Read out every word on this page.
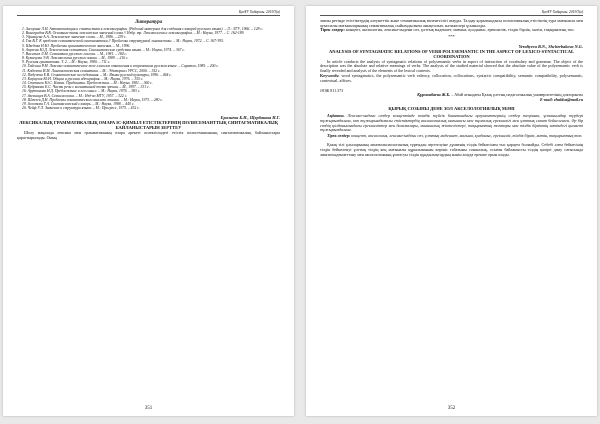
ҚазҰУ Хабаршы. 2019/3(в)
Литература
1. Засорина Л.Н. Автоматизация и статистика в лексикографии. (Рабочий материал для создания словарей русского языка). – Л.: ЛГУ, 1966. – 128 с.
2. Виноградов В.В. Основные типы лексических значений слова // Избр. тр. Лексикология и лексикография. – М.: Наука, 1977. – С. 162-189.
3. Уфимцева А.А. Лексическое значение слова. – М., 1986. – 239 с.
4. Гак В.Г. К проблеме семантической синтагматики // Проблемы структурной лингвистики. – М.: Наука, 1972. – С. 367-395.
5. Шведова Н.Ю. Проблемы грамматического значения. – М., 1996.
6. Апресян Ю.Д. Лексическая семантика. Синонимические средства языка. – М.: Наука, 1974. – 367 с.
7. Васильев Л.М. Семантика русского глагола. – М., 1981. – 184 с.
8. Кузнецова Э.В. Лексикология русского языка. – М., 1989. – 216 с.
9. Русская грамматика. Т. 2. – М.: Наука, 1980. – 711 с.
10. Гайсина Р.М. Лексико-семантическое поле глаголов отношения в современном русском языке. – Саратов, 1985. – 200 с.
11. Кобозева И.М. Лингвистическая семантика. – М.: Эдиториал УРСС, 2000. – 352 с.
12. Падучева Е.В. Семантические исследования. – М.: Языки русской культуры, 1996. – 464 с.
13. Караулов Ю.Н. Общая и русская идеография. – М.: Наука, 1976. – 355 с.
14. Степанов Ю.С. Имена. Предикаты. Предложения. – М.: Наука, 1981. – 360 с.
15. Кубрякова Е.С. Части речи с когнитивной точки зрения. – М., 1997. – 331 с.
16. Арутюнова Н.Д. Предложение и его смысл. – М.: Наука, 1976. – 383 с.
17. Звегинцев В.А. Семасиология. – М.: Изд-во МГУ, 1957. – 322 с.
18. Шмелев Д.Н. Проблемы семантического анализа лексики. – М.: Наука, 1973. – 280 с.
19. Золотова Г.А. Синтаксический словарь. – М.: Наука, 1988. – 440 с.
20. Чейф У.Л. Значение и структура языка. – М.: Прогресс, 1975. – 432 с.
Ералиева Б.Н., Щербакова Н.Г.
ЛЕКСИКАЛЫҚ ГРАММАТИКАЛЫҚ ОМАРА ІС-ҚИМЫЛ ЕТІСТІКТЕРІНІҢ ПОЛИСЕМАНТТЫҚ СИНТАГМАТИКАЛЫҚ БАЙЛАНЫСТАРЫН ЗЕРТТЕУ
Шолу мақалада лексика мен грамматиканың өзара әрекеті аспектісіндегі етістік полисемиясының синтагматикалық байланыстары қарастырылады. Оның
351
ҚазҰУ Хабаршы. 2019/3(в)
зиялы ретінде етістіктердің әлеуметтік және семантикалық валенттілігі атауды. Талдау қорытындысы полисемиялық етістіктің тура мағынасы мен ауыспалы мағыналарының семантикалық сыйымдылығы анықталып, нәтижелері ұсынылды.
Тірек сөздер: концепт, аксиология, лексика-мәдени сөз, ұлттық мәдениет, мағына, қолданыс, ерекшелік, тілдік бірлік, мәтін, тақырыптық топ.
***
Yeraliyeva B.N., Shcherbakova N.G.
ANALYSIS OF SYNTAGMATIC RELATIONS OF VERB POLYSEMANTIC IN THE ASPECT OF LEXICO-SYNTACTICAL COORDINATION
In article conducts the analysis of syntagmatic relations of polysemantic verbs in aspect of interaction of vocabulary and grammar. The object of the description was the absolute and relative meanings of verbs. The analysis of the studied material showed that the absolute value of the polysemantic verb is finally revealed and analysis of the elements of the lexical contexts.
Keywords: word syntagmatics, the polysemantic verb valency, collocation, collocations, syntactic compatibility, semantic compatibility, polysemantic, contextual, affixes.
ӘОЖ 811.373
Құрманбаева Ж.Б. – Абай атындағы Қазақ ұлттық педагогикалық университетінің докторанты
E-mail: zhulduz@mail.ru
ҚЫРЫҚ СОЗЫНЫ ДЕНЕ ЗОЛ АКСЕЛОЛОГИЯЛЫҚ МӘНІ
Аңдатпа. Лексико-мәдени сөздер концептінде өзіндік түйсік бағытындағы аргументтерінің сөздер теорияға, ұстанымдар түрдері тұжырымдалған, көп тұжырымдамалы етістіктердің аксиологиялық мағынасы мен тұлғалық ерекшелігі мен ұлттық сипат бейнеленген. Әр бір сөздің қолданысындағы ерекшеліктер мен баламалары, мағыналық жіктелістері, тақырыптық топтары мен тілдік бірліктің мәтіндегі қызметі тұжырымдалған.
Тірек сөздер: концепт, аксиология, лексика-мәдени сөз, ұлттық мәдениет, мағына, қолданыс, ерекшелік, тілдік бірлік, мәтін, тақырыптық топ.
Қазақ тілі ұлыларының лингвоаксиологиялық тұрғыдан зерттелуіне дүниенің тілдік бейнесінен тыс қарауға болмайды. Себебі әлем бейнесінің тілдік бейнеленуі ұлттық тілдің кең мағыналы құрылымынан көрініс табатыны соншалық, осыған байланысты тілдің қазіргі даму сатысында лингвомәдениеттану мен аксиологияның ұштасуы тілдік құндылықтардың мәнін ашуда ерекше орын алады.
352
